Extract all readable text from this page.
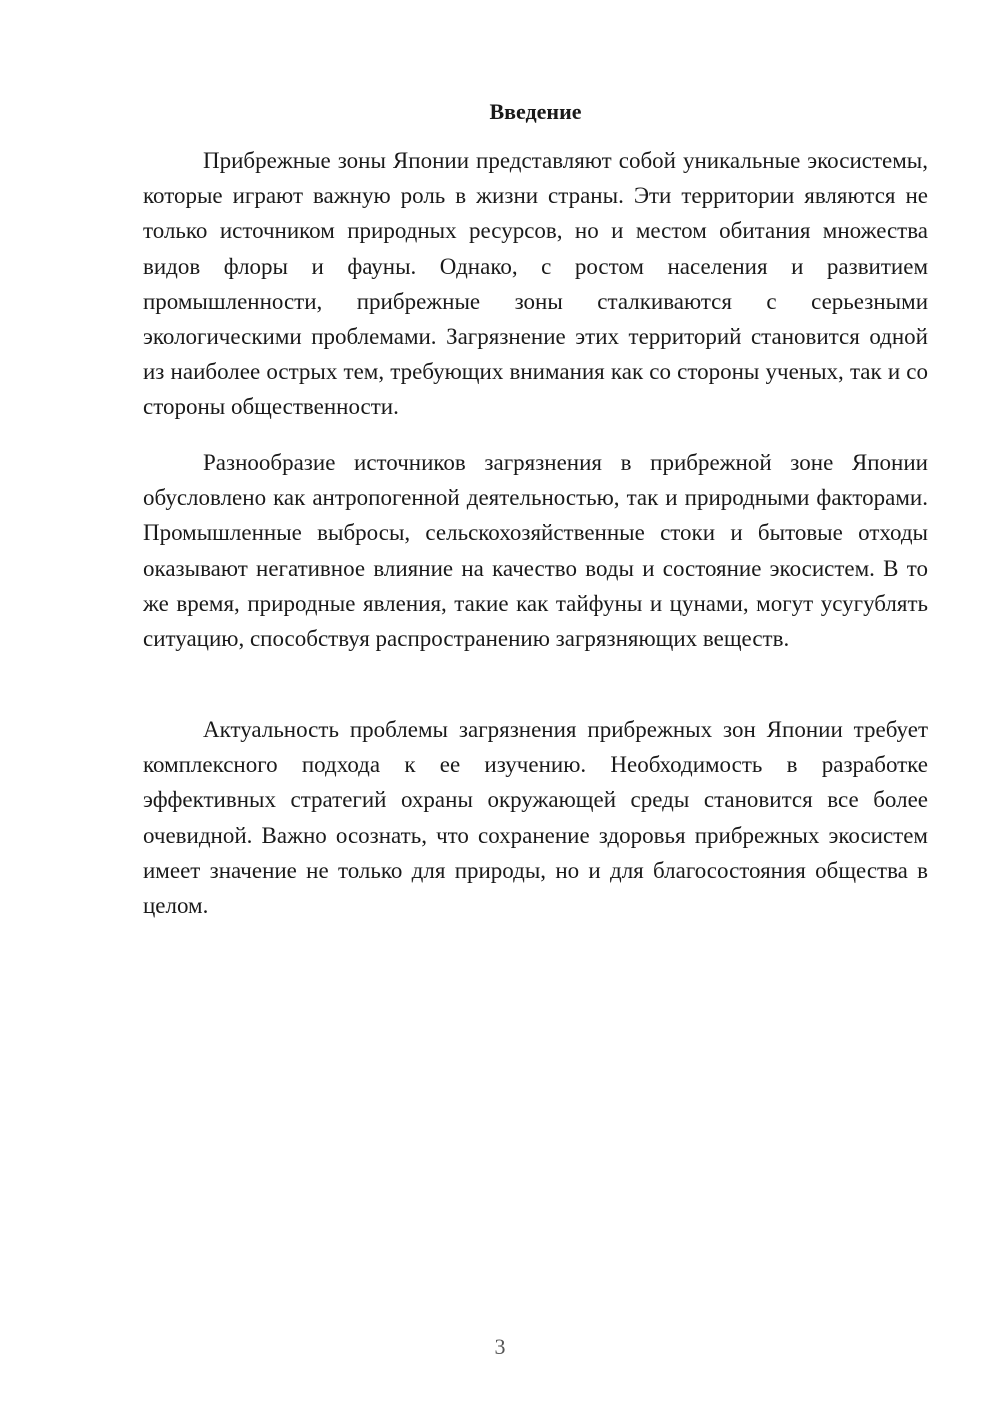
Введение

Прибрежные зоны Японии представляют собой уникальные экосистемы, которые играют важную роль в жизни страны. Эти территории являются не только источником природных ресурсов, но и местом обитания множества видов флоры и фауны. Однако, с ростом населения и развитием промышленности, прибрежные зоны сталкиваются с серьезными экологическими проблемами. Загрязнение этих территорий становится одной из наиболее острых тем, требующих внимания как со стороны ученых, так и со стороны общественности.

Разнообразие источников загрязнения в прибрежной зоне Японии обусловлено как антропогенной деятельностью, так и природными факторами. Промышленные выбросы, сельскохозяйственные стоки и бытовые отходы оказывают негативное влияние на качество воды и состояние экосистем. В то же время, природные явления, такие как тайфуны и цунами, могут усугублять ситуацию, способствуя распространению загрязняющих веществ.

Актуальность проблемы загрязнения прибрежных зон Японии требует комплексного подхода к ее изучению. Необходимость в разработке эффективных стратегий охраны окружающей среды становится все более очевидной. Важно осознать, что сохранение здоровья прибрежных экосистем имеет значение не только для природы, но и для благосостояния общества в целом.

3
